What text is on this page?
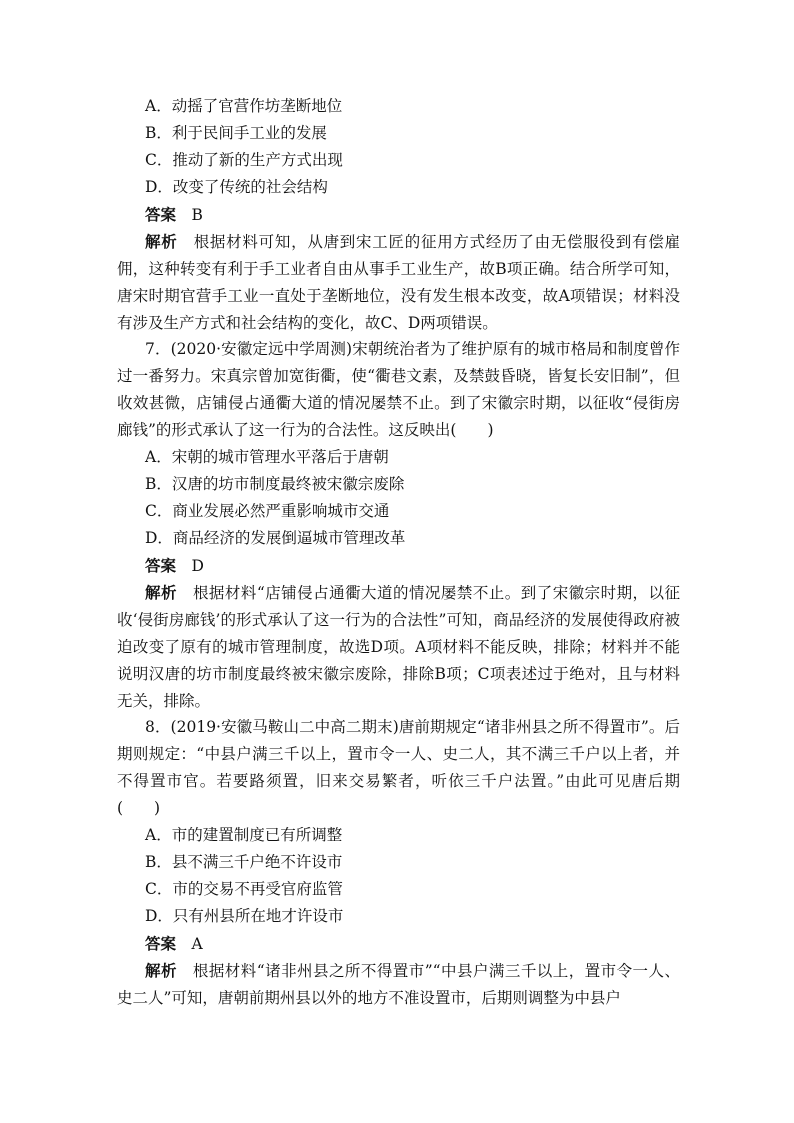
A．动摇了官营作坊垄断地位
B．利于民间手工业的发展
C．推动了新的生产方式出现
D．改变了传统的社会结构
答案　 B
解析　 根据材料可知，从唐到宋工匠的征用方式经历了由无偿服役到有偿雇佣，这种转变有利于手工业者自由从事手工业生产，故B项正确。结合所学可知，唐宋时期官营手工业一直处于垄断地位，没有发生根本改变，故A项错误；材料没有涉及生产方式和社会结构的变化，故C、D两项错误。
7．(2020·安徽定远中学周测)宋朝统治者为了维护原有的城市格局和制度曾作过一番努力。宋真宗曾加宽街衢，使“衢巷文素，及禁鼓昏晓，皆复长安旧制”，但收效甚微，店铺侵占通衢大道的情况屡禁不止。到了宋徽宗时期，以征收“侵街房廊钱”的形式承认了这一行为的合法性。这反映出(　　)
A．宋朝的城市管理水平落后于唐朝
B．汉唐的坊市制度最终被宋徽宗废除
C．商业发展必然严重影响城市交通
D．商品经济的发展倒逼城市管理改革
答案　 D
解析　 根据材料“店铺侵占通衢大道的情况屡禁不止。到了宋徽宗时期，以征收‘侵街房廊钱’的形式承认了这一行为的合法性”可知，商品经济的发展使得政府被迫改变了原有的城市管理制度，故选D项。A项材料不能反映，排除；材料并不能说明汉唐的坊市制度最终被宋徽宗废除，排除B项；C项表述过于绝对，且与材料无关，排除。
8．(2019·安徽马鞍山二中高二期末)唐前期规定“诸非州县之所不得置市”。后期则规定：“中县户满三千以上，置市令一人、史二人，其不满三千户以上者，并不得置市官。若要路须置，旧来交易繁者，听依三千户法置。”由此可见唐后期(　　)
A．市的建置制度已有所调整
B．县不满三千户绝不许设市
C．市的交易不再受官府监管
D．只有州县所在地才许设市
答案　 A
解析　 根据材料“诸非州县之所不得置市”“中县户满三千以上，置市令一人、史二人”可知，唐朝前期州县以外的地方不准设置市，后期则调整为中县户
